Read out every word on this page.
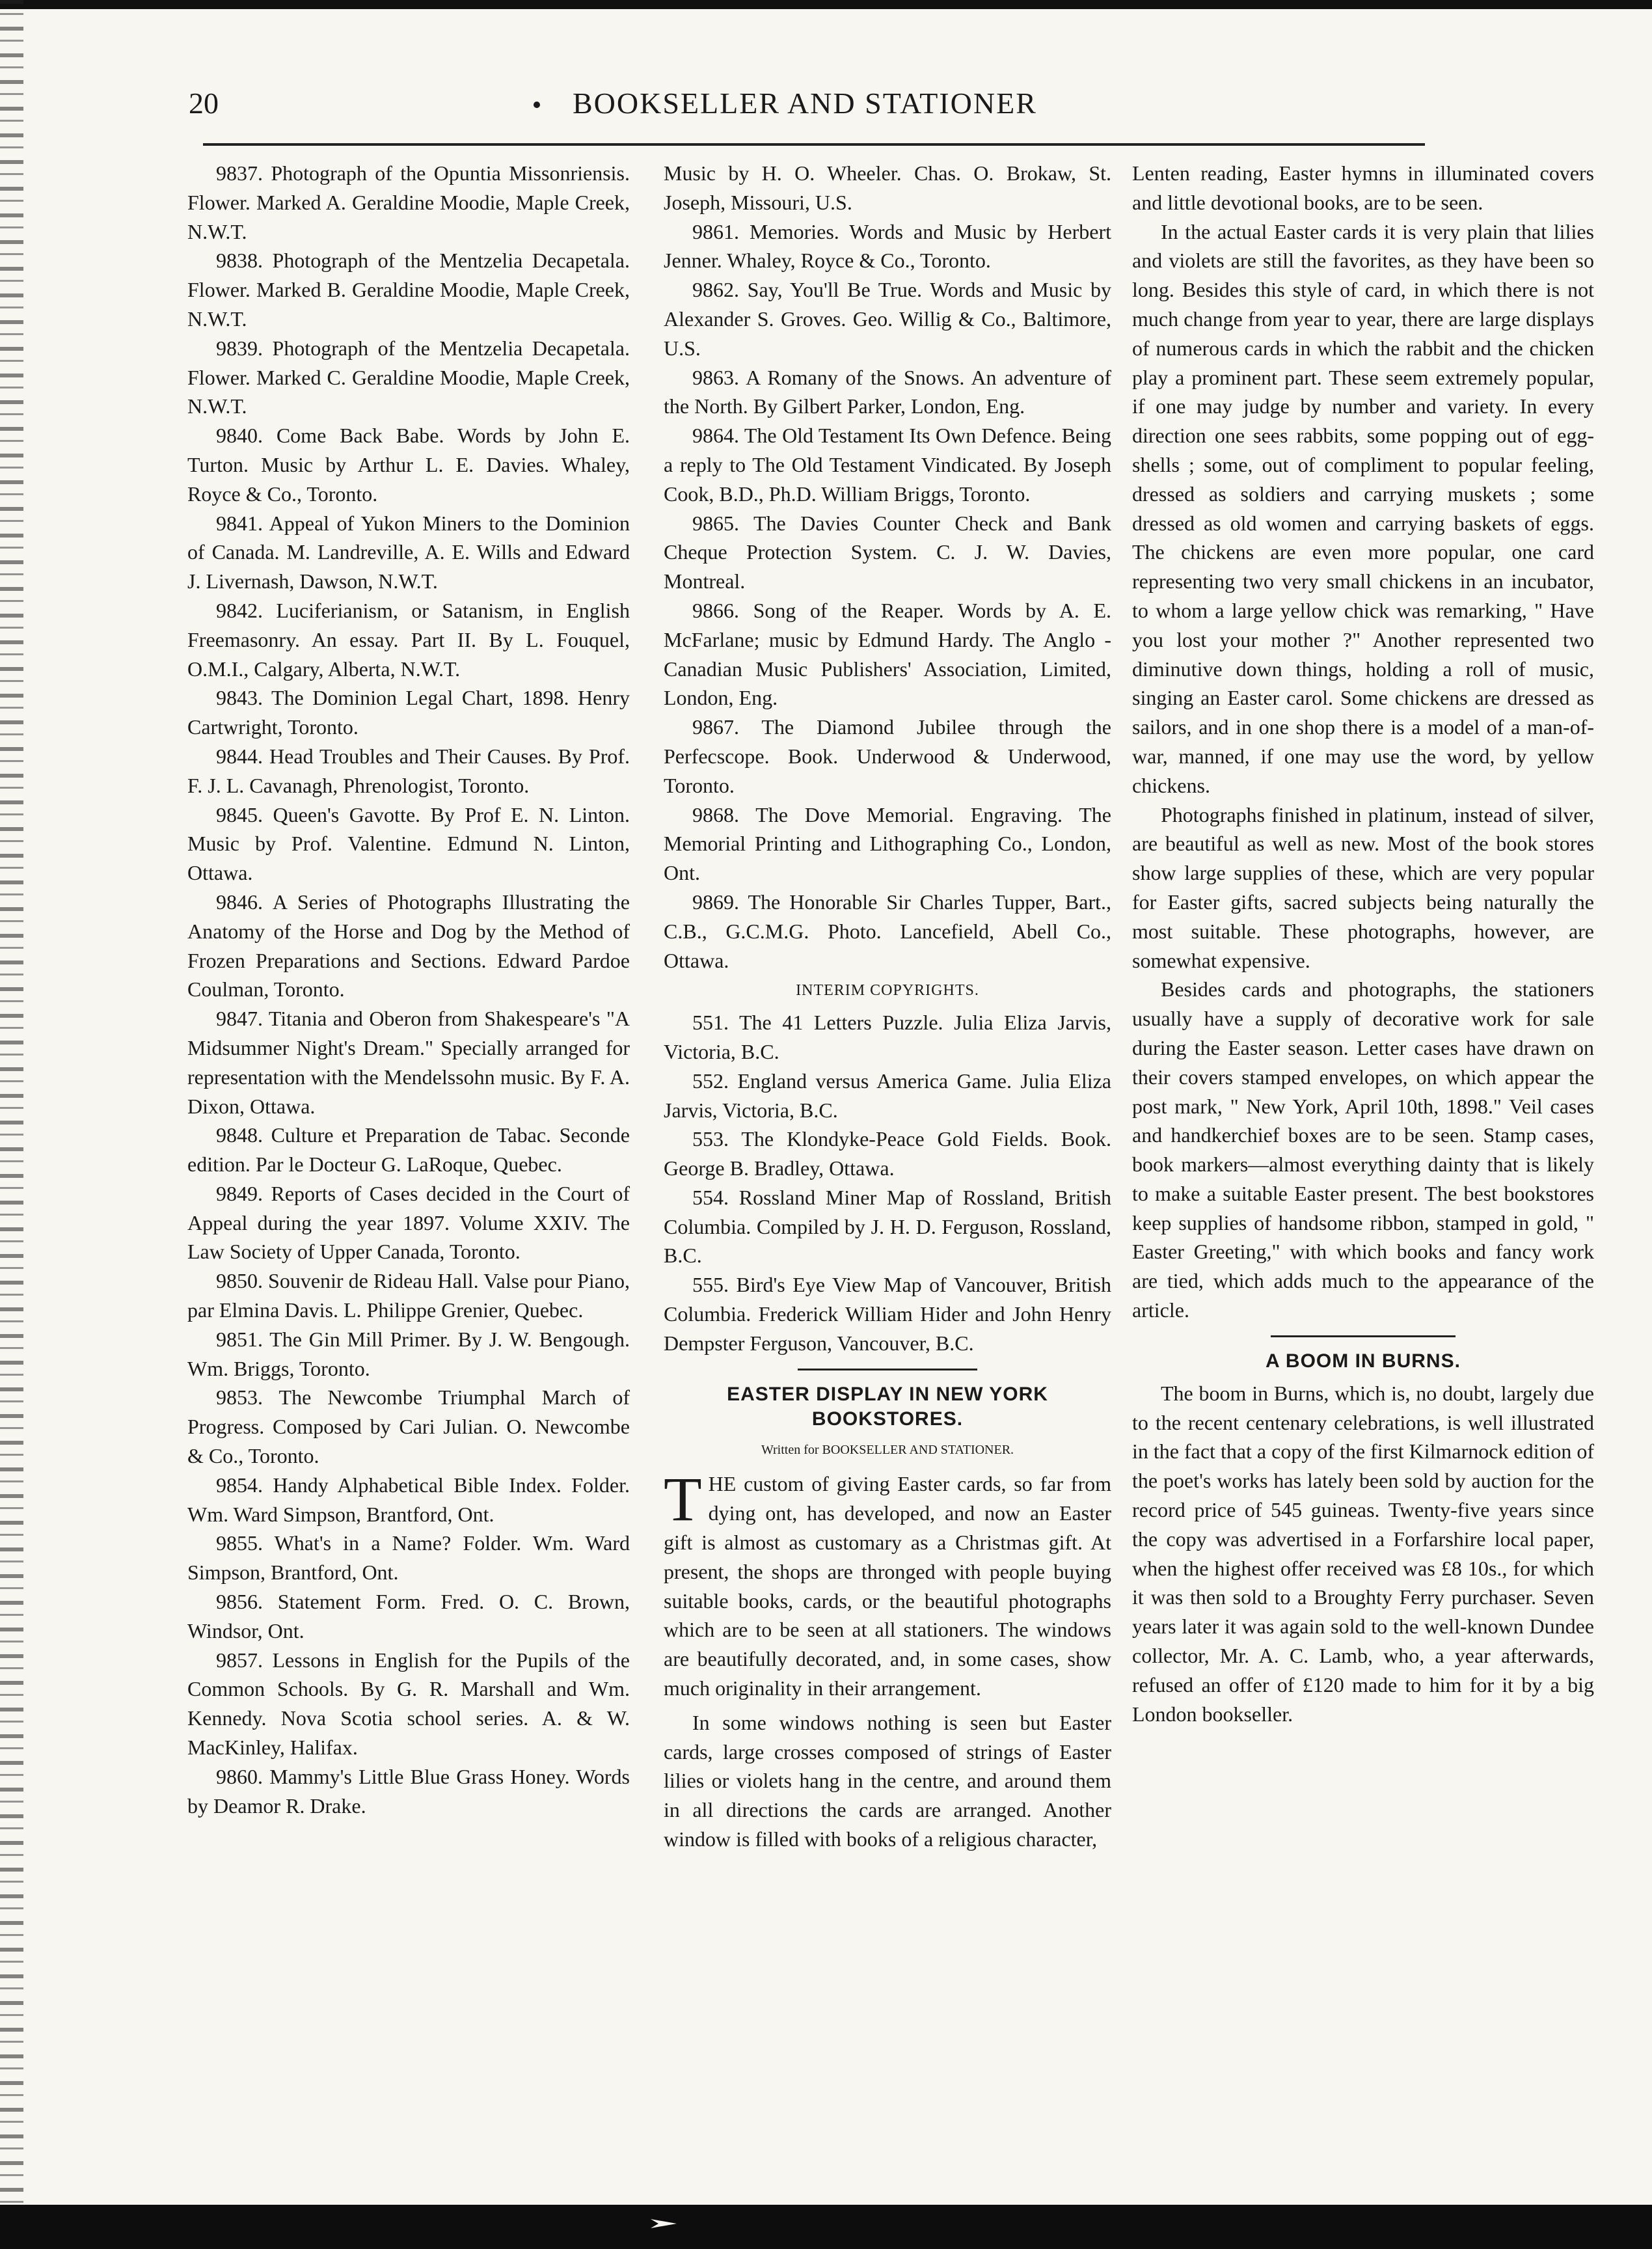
20	BOOKSELLER AND STATIONER

9837. Photograph of the Opuntia Missonriensis. Flower. Marked A. Geraldine Moodie, Maple Creek, N.W.T.

9838. Photograph of the Mentzelia Decapetala. Flower. Marked B. Geraldine Moodie, Maple Creek, N.W.T.

9839. Photograph of the Mentzelia Decapetala. Flower. Marked C. Geraldine Moodie, Maple Creek, N.W.T.

9840. Come Back Babe. Words by John E. Turton. Music by Arthur L. E. Davies. Whaley, Royce & Co., Toronto.

9841. Appeal of Yukon Miners to the Dominion of Canada. M. Landreville, A. E. Wills and Edward J. Livernash, Dawson, N.W.T.

9842. Luciferianism, or Satanism, in English Freemasonry. An essay. Part II. By L. Fouquel, O.M.I., Calgary, Alberta, N.W.T.

9843. The Dominion Legal Chart, 1898. Henry Cartwright, Toronto.

9844. Head Troubles and Their Causes. By Prof. F. J. L. Cavanagh, Phrenologist, Toronto.

9845. Queen's Gavotte. By Prof E. N. Linton. Music by Prof. Valentine. Edmund N. Linton, Ottawa.

9846. A Series of Photographs Illustrating the Anatomy of the Horse and Dog by the Method of Frozen Preparations and Sections. Edward Pardoe Coulman, Toronto.

9847. Titania and Oberon from Shakespeare's "A Midsummer Night's Dream." Specially arranged for representation with the Mendelssohn music. By F. A. Dixon, Ottawa.

9848. Culture et Preparation de Tabac. Seconde edition. Par le Docteur G. LaRoque, Quebec.

9849. Reports of Cases decided in the Court of Appeal during the year 1897. Volume XXIV. The Law Society of Upper Canada, Toronto.

9850. Souvenir de Rideau Hall. Valse pour Piano, par Elmina Davis. L. Philippe Grenier, Quebec.

9851. The Gin Mill Primer. By J. W. Bengough. Wm. Briggs, Toronto.

9853. The Newcombe Triumphal March of Progress. Composed by Cari Julian. O. Newcombe & Co., Toronto.

9854. Handy Alphabetical Bible Index. Folder. Wm. Ward Simpson, Brantford, Ont.

9855. What's in a Name? Folder. Wm. Ward Simpson, Brantford, Ont.

9856. Statement Form. Fred. O. C. Brown, Windsor, Ont.

9857. Lessons in English for the Pupils of the Common Schools. By G. R. Marshall and Wm. Kennedy. Nova Scotia school series. A. & W. MacKinley, Halifax.

9860. Mammy's Little Blue Grass Honey. Words by Deamor R. Drake.

Music by H. O. Wheeler. Chas. O. Brokaw, St. Joseph, Missouri, U.S.

9861. Memories. Words and Music by Herbert Jenner. Whaley, Royce & Co., Toronto.

9862. Say, You'll Be True. Words and Music by Alexander S. Groves. Geo. Willig & Co., Baltimore, U.S.

9863. A Romany of the Snows. An adventure of the North. By Gilbert Parker, London, Eng.

9864. The Old Testament Its Own Defence. Being a reply to The Old Testament Vindicated. By Joseph Cook, B.D., Ph.D. William Briggs, Toronto.

9865. The Davies Counter Check and Bank Cheque Protection System. C. J. W. Davies, Montreal.

9866. Song of the Reaper. Words by A. E. McFarlane; music by Edmund Hardy. The Anglo - Canadian Music Publishers' Association, Limited, London, Eng.

9867. The Diamond Jubilee through the Perfecscope. Book. Underwood & Underwood, Toronto.

9868. The Dove Memorial. Engraving. The Memorial Printing and Lithographing Co., London, Ont.

9869. The Honorable Sir Charles Tupper, Bart., C.B., G.C.M.G. Photo. Lancefield, Abell Co., Ottawa.

INTERIM COPYRIGHTS.

551. The 41 Letters Puzzle. Julia Eliza Jarvis, Victoria, B.C.

552. England versus America Game. Julia Eliza Jarvis, Victoria, B.C.

553. The Klondyke-Peace Gold Fields. Book. George B. Bradley, Ottawa.

554. Rossland Miner Map of Rossland, British Columbia. Compiled by J. H. D. Ferguson, Rossland, B.C.

555. Bird's Eye View Map of Vancouver, British Columbia. Frederick William Hider and John Henry Dempster Ferguson, Vancouver, B.C.

EASTER DISPLAY IN NEW YORK

BOOKSTORES.

Written for BOOKSELLER AND STATIONER.

THE custom of giving Easter cards, so far from dying ont, has developed, and now an Easter gift is almost as customary as a Christmas gift. At present, the shops are thronged with people buying suitable books, cards, or the beautiful photographs which are to be seen at all stationers. The windows are beautifully decorated, and, in some cases, show much originality in their arrangement.

In some windows nothing is seen but Easter cards, large crosses composed of strings of Easter lilies or violets hang in the centre, and around them in all directions the cards are arranged. Another window is filled with books of a religious character,

Lenten reading, Easter hymns in illuminated covers and little devotional books, are to be seen.

In the actual Easter cards it is very plain that lilies and violets are still the favorites, as they have been so long. Besides this style of card, in which there is not much change from year to year, there are large displays of numerous cards in which the rabbit and the chicken play a prominent part. These seem extremely popular, if one may judge by number and variety. In every direction one sees rabbits, some popping out of egg-shells ; some, out of compliment to popular feeling, dressed as soldiers and carrying muskets ; some dressed as old women and carrying baskets of eggs. The chickens are even more popular, one card representing two very small chickens in an incubator, to whom a large yellow chick was remarking, " Have you lost your mother ?" Another represented two diminutive down things, holding a roll of music, singing an Easter carol. Some chickens are dressed as sailors, and in one shop there is a model of a man-of-war, manned, if one may use the word, by yellow chickens.

Photographs finished in platinum, instead of silver, are beautiful as well as new. Most of the book stores show large supplies of these, which are very popular for Easter gifts, sacred subjects being naturally the most suitable. These photographs, however, are somewhat expensive.

Besides cards and photographs, the stationers usually have a supply of decorative work for sale during the Easter season. Letter cases have drawn on their covers stamped envelopes, on which appear the post mark, " New York, April 10th, 1898." Veil cases and handkerchief boxes are to be seen. Stamp cases, book markers—almost everything dainty that is likely to make a suitable Easter present. The best bookstores keep supplies of handsome ribbon, stamped in gold, " Easter Greeting," with which books and fancy work are tied, which adds much to the appearance of the article.

A BOOM IN BURNS.

The boom in Burns, which is, no doubt, largely due to the recent centenary celebrations, is well illustrated in the fact that a copy of the first Kilmarnock edition of the poet's works has lately been sold by auction for the record price of 545 guineas. Twenty-five years since the copy was advertised in a Forfarshire local paper, when the highest offer received was £8 10s., for which it was then sold to a Broughty Ferry purchaser. Seven years later it was again sold to the well-known Dundee collector, Mr. A. C. Lamb, who, a year afterwards, refused an offer of £120 made to him for it by a big London bookseller.
